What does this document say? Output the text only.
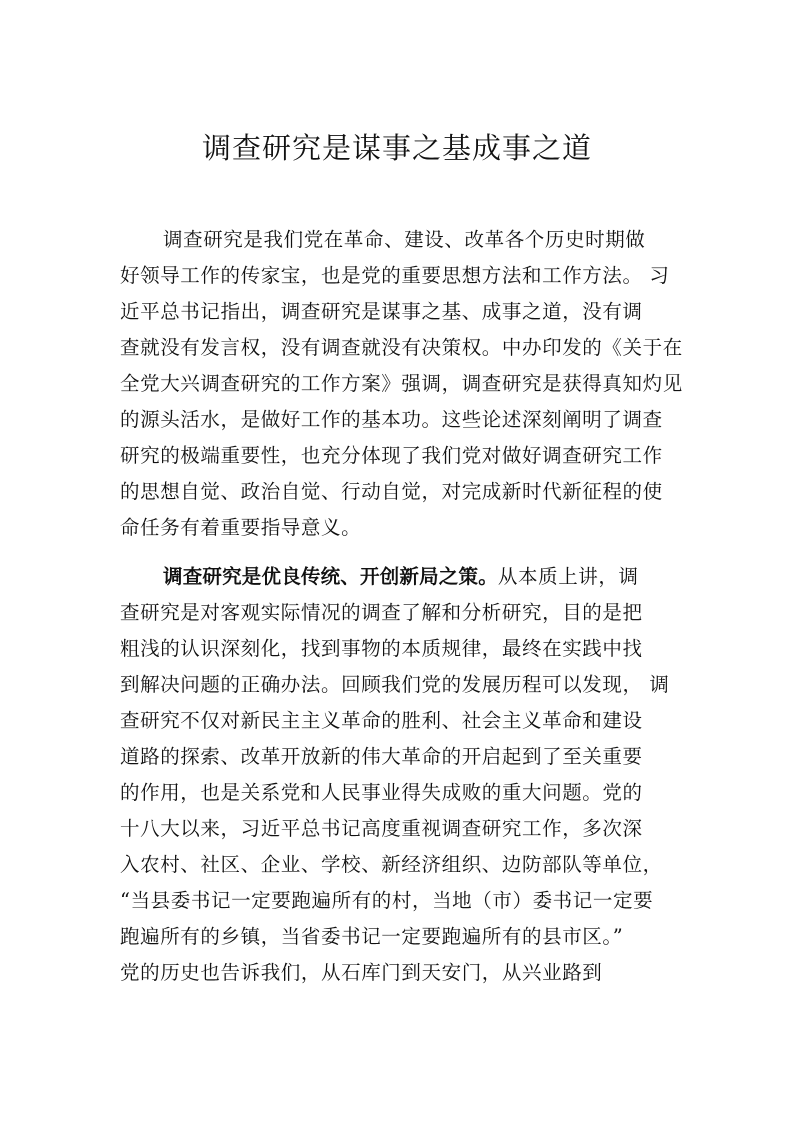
调查研究是谋事之基成事之道
调查研究是我们党在革命、建设、改革各个历史时期做
好领导工作的传家宝，也是党的重要思想方法和工作方法。 习
近平总书记指出，调查研究是谋事之基、成事之道，没有调
查就没有发言权，没有调查就没有决策权。中办印发的《关于在
全党大兴调查研究的工作方案》强调，调查研究是获得真知灼见
的源头活水，是做好工作的基本功。这些论述深刻阐明了调查
研究的极端重要性，也充分体现了我们党对做好调查研究工作
的思想自觉、政治自觉、行动自觉，对完成新时代新征程的使
命任务有着重要指导意义。
调查研究是优良传统、开创新局之策。从本质上讲，调
查研究是对客观实际情况的调查了解和分析研究，目的是把
粗浅的认识深刻化，找到事物的本质规律，最终在实践中找
到解决问题的正确办法。回顾我们党的发展历程可以发现， 调
查研究不仅对新民主主义革命的胜利、社会主义革命和建设
道路的探索、改革开放新的伟大革命的开启起到了至关重要
的作用，也是关系党和人民事业得失成败的重大问题。党的
十八大以来，习近平总书记高度重视调查研究工作，多次深
入农村、社区、企业、学校、新经济组织、边防部队等单位，
“当县委书记一定要跑遍所有的村，当地（市）委书记一定要
跑遍所有的乡镇，当省委书记一定要跑遍所有的县市区。”
党的历史也告诉我们，从石库门到天安门，从兴业路到
